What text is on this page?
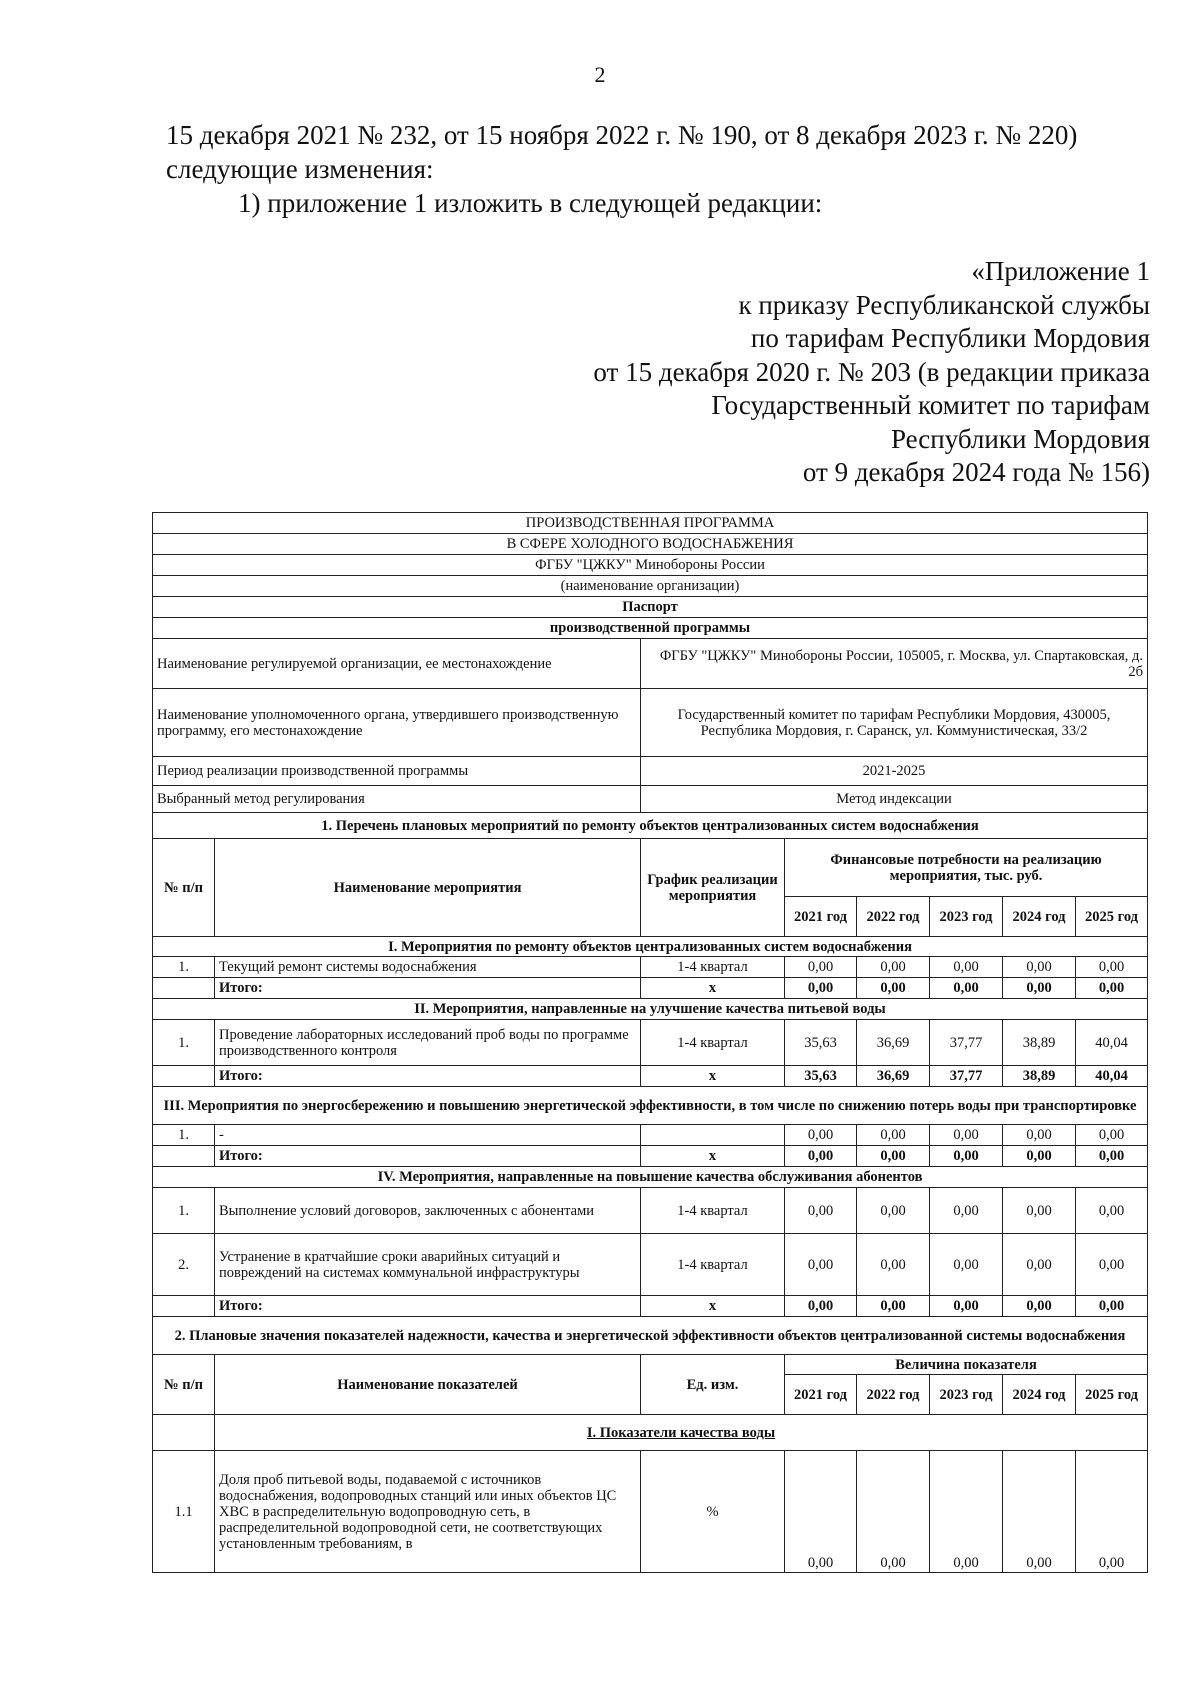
2
15 декабря 2021 № 232, от 15 ноября 2022 г. № 190, от 8 декабря 2023 г. № 220)
следующие изменения:
1) приложение 1 изложить в следующей редакции:
«Приложение 1
к приказу Республиканской службы
по тарифам Республики Мордовия
от 15 декабря 2020 г. № 203 (в редакции приказа
Государственный комитет по тарифам
Республики Мордовия
от 9 декабря 2024 года № 156)
ПРОИЗВОДСТВЕННАЯ ПРОГРАММА							
В СФЕРЕ ХОЛОДНОГО ВОДОСНАБЖЕНИЯ							
ФГБУ "ЦЖКУ" Минобороны России							
(наименование организации)							
Паспорт							
производственной программы							
Наименование регулируемой организации, ее местонахождение		ФГБУ "ЦЖКУ" Минобороны России, 105005, г. Москва, ул. Спартаковская, д. 2б					
Наименование уполномоченного органа, утвердившего производственную программу, его местонахождение		Государственный комитет по тарифам Республики Мордовия, 430005, Республика Мордовия, г. Саранск, ул. Коммунистическая, 33/2					
Период реализации производственной программы		2021-2025					
Выбранный метод регулирования		Метод индексации					
1. Перечень плановых мероприятий по ремонту объектов централизованных систем водоснабжения							
№ п/п	Наименование мероприятия	График реализации мероприятия	Финансовые потребности на реализацию мероприятия, тыс. руб.				
			2021 год	2022 год	2023 год	2024 год	2025 год
I. Мероприятия по ремонту объектов централизованных систем водоснабжения							
1.	Текущий ремонт системы водоснабжения	1-4 квартал	0,00	0,00	0,00	0,00	0,00
	Итого:	х	0,00	0,00	0,00	0,00	0,00
II. Мероприятия, направленные на улучшение качества питьевой воды							
1.	Проведение лабораторных исследований проб воды по программе производственного контроля	1-4 квартал	35,63	36,69	37,77	38,89	40,04
	Итого:	х	35,63	36,69	37,77	38,89	40,04
III. Мероприятия по энергосбережению и повышению энергетической эффективности, в том числе по снижению потерь воды при транспортировке							
1.	-		0,00	0,00	0,00	0,00	0,00
	Итого:	х	0,00	0,00	0,00	0,00	0,00
IV. Мероприятия, направленные на повышение качества обслуживания абонентов							
1.	Выполнение условий договоров, заключенных с абонентами	1-4 квартал	0,00	0,00	0,00	0,00	0,00
2.	Устранение в кратчайшие сроки аварийных ситуаций и повреждений на системах коммунальной инфраструктуры	1-4 квартал	0,00	0,00	0,00	0,00	0,00
	Итого:	х	0,00	0,00	0,00	0,00	0,00
2. Плановые значения показателей надежности, качества и энергетической эффективности объектов централизованной системы водоснабжения							
№ п/п	Наименование показателей	Ед. изм.	Величина показателя				
			2021 год	2022 год	2023 год	2024 год	2025 год
	I. Показатели качества воды						
1.1	Доля проб питьевой воды, подаваемой с источников водоснабжения, водопроводных станций или иных объектов ЦС ХВС в распределительную водопроводную сеть, в распределительной водопроводной сети, не соответствующих установленным требованиям, в	%	0,00	0,00	0,00	0,00	0,00
